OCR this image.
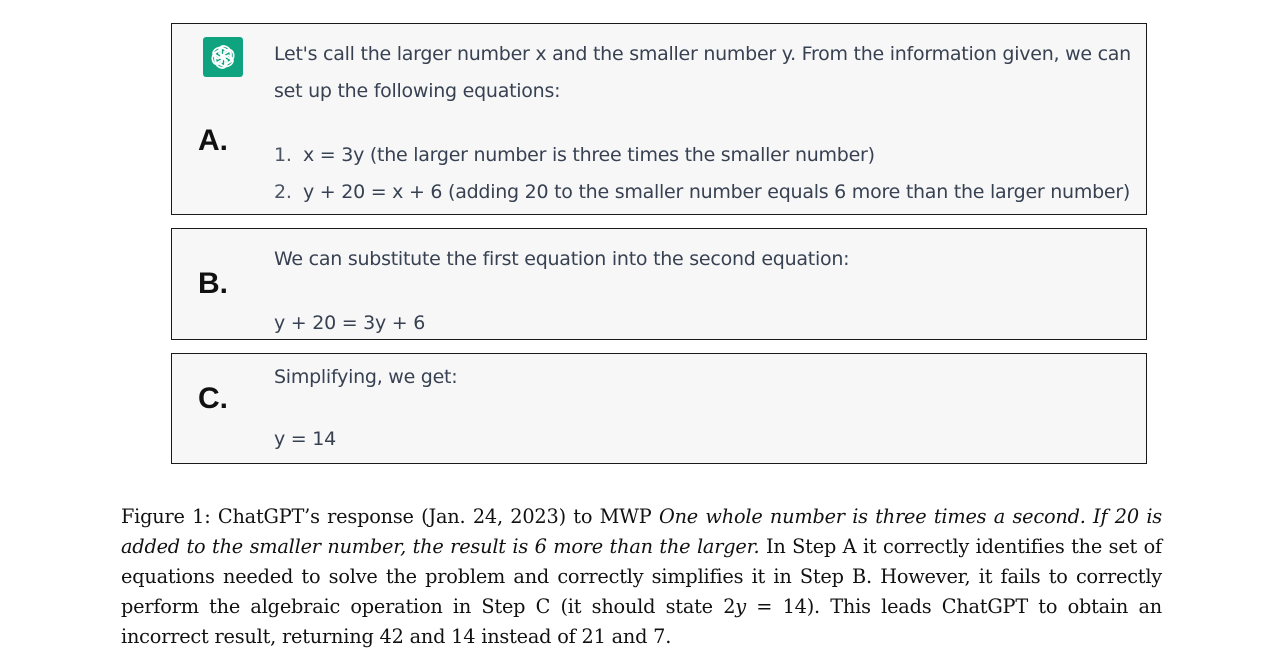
A.
Let's call the larger number x and the smaller number y. From the information given, we can
set up the following equations:
1. x = 3y (the larger number is three times the smaller number)
2. y + 20 = x + 6 (adding 20 to the smaller number equals 6 more than the larger number)
B.
We can substitute the first equation into the second equation:
y + 20 = 3y + 6
C.
Simplifying, we get:
y = 14
Figure 1: ChatGPT’s response (Jan. 24, 2023) to MWP One whole number is three times a second. If 20 is added to the smaller number, the result is 6 more than the larger. In Step A it correctly identifies the set of equations needed to solve the problem and correctly simplifies it in Step B. However, it fails to correctly perform the algebraic operation in Step C (it should state 2y = 14). This leads ChatGPT to obtain an incorrect result, returning 42 and 14 instead of 21 and 7.
